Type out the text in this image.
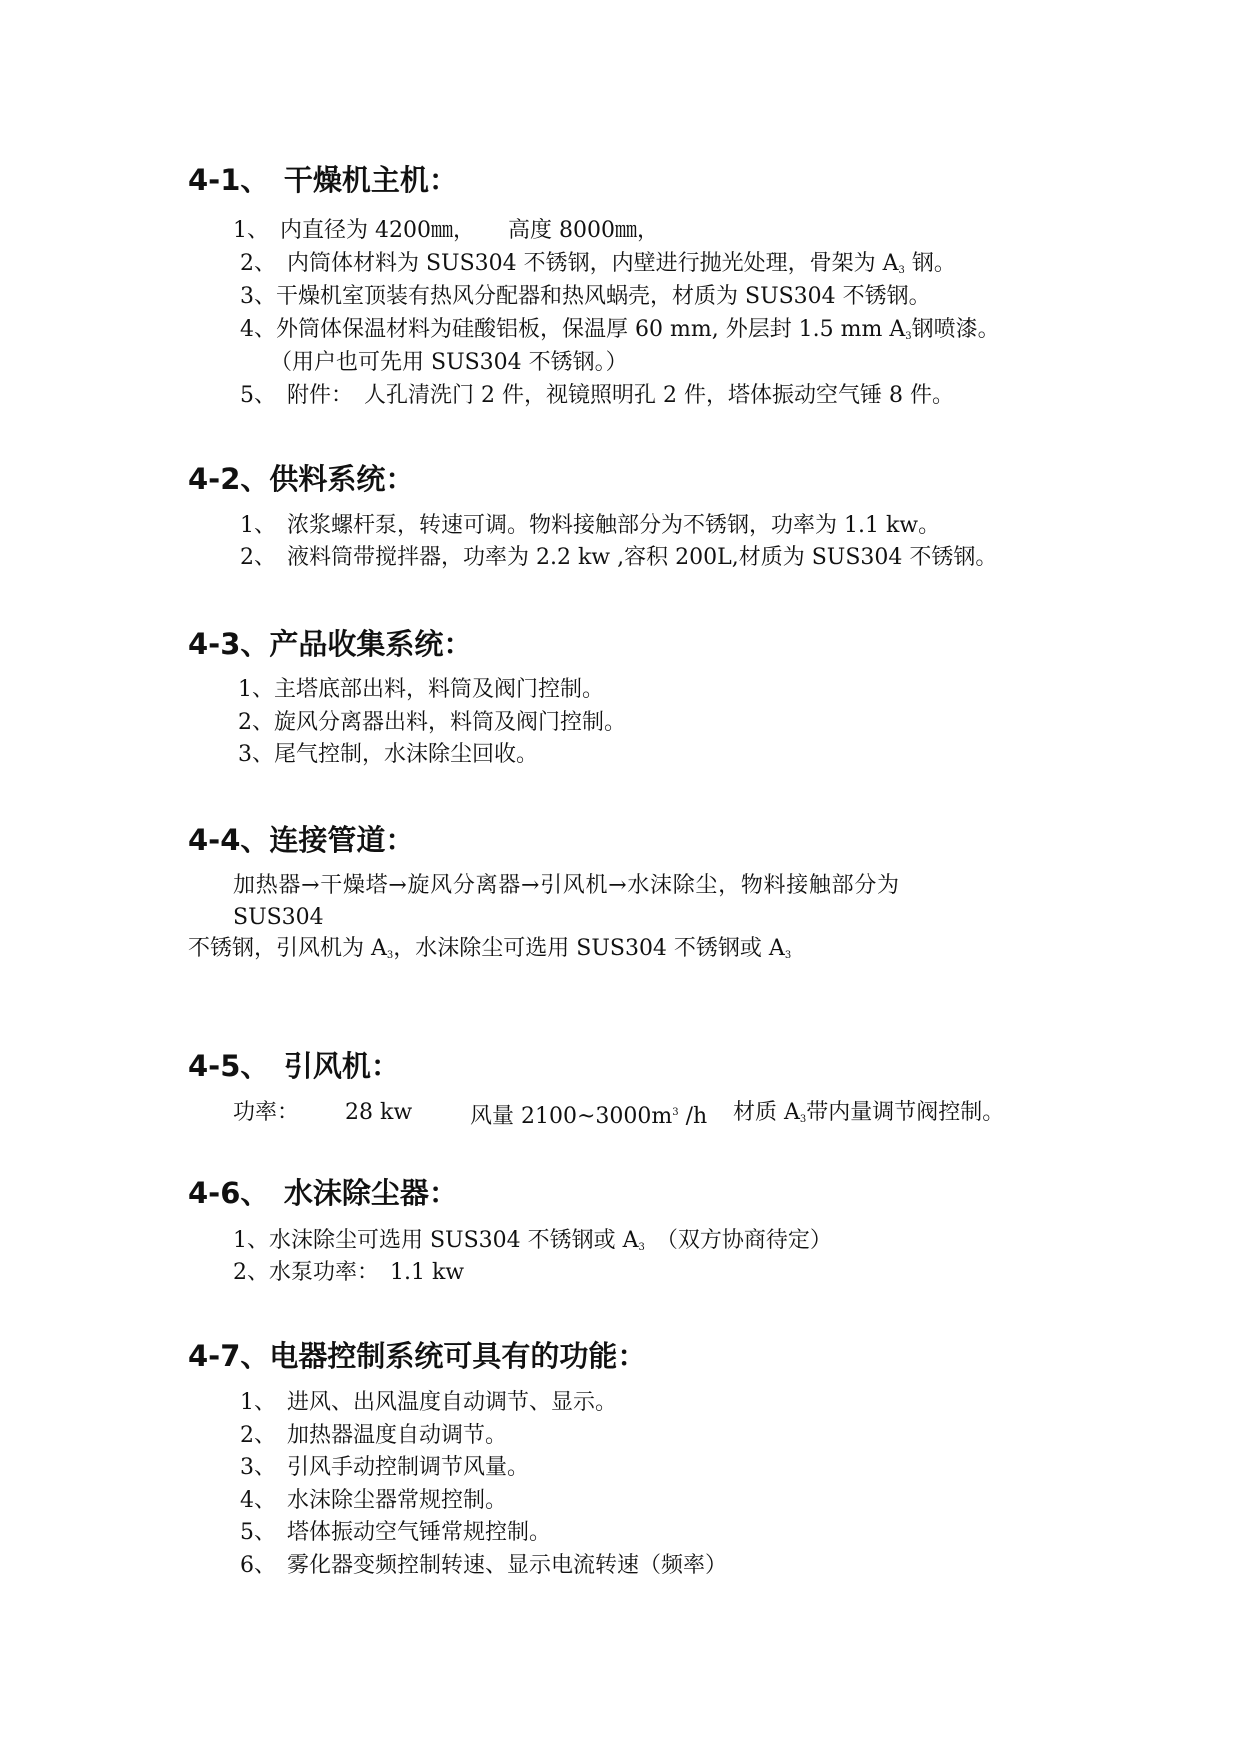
4-1、　干燥机主机：
1、　内直径为 4200㎜，　　高度 8000㎜，
2、　内筒体材料为 SUS304 不锈钢，内壁进行抛光处理，骨架为 A3 钢。
3、干燥机室顶装有热风分配器和热风蜗壳，材质为 SUS304 不锈钢。
4、外筒体保温材料为硅酸铝板，保温厚 60 mm, 外层封 1.5 mm A3钢喷漆。
（用户也可先用 SUS304 不锈钢。）
5、　附件：　人孔清洗门 2 件，视镜照明孔 2 件，塔体振动空气锤 8 件。
4-2、供料系统：
1、　浓浆螺杆泵，转速可调。物料接触部分为不锈钢，功率为 1.1 kw。
2、　液料筒带搅拌器，功率为 2.2 kw ,容积 200L,材质为 SUS304 不锈钢。
4-3、产品收集系统：
1、主塔底部出料，料筒及阀门控制。
2、旋风分离器出料，料筒及阀门控制。
3、尾气控制，水沫除尘回收。
4-4、连接管道：
加热器→干燥塔→旋风分离器→引风机→水沫除尘，物料接触部分为
SUS304
不锈钢，引风机为 A3，水沫除尘可选用 SUS304 不锈钢或 A3
4-5、　引风机：
功率： 28 kw	风量 $2100\sim 3000m^3$ /h 材质 A3带内量调节阀控制。
4-6、　水沫除尘器：
1、水沫除尘可选用 SUS304 不锈钢或 A3　（双方协商待定）
2、水泵功率：　1.1 kw
4-7、电器控制系统可具有的功能：
1、　进风、出风温度自动调节、显示。
2、　加热器温度自动调节。
3、　引风手动控制调节风量。
4、　水沫除尘器常规控制。
5、　塔体振动空气锤常规控制。
6、　雾化器变频控制转速、显示电流转速（频率）
